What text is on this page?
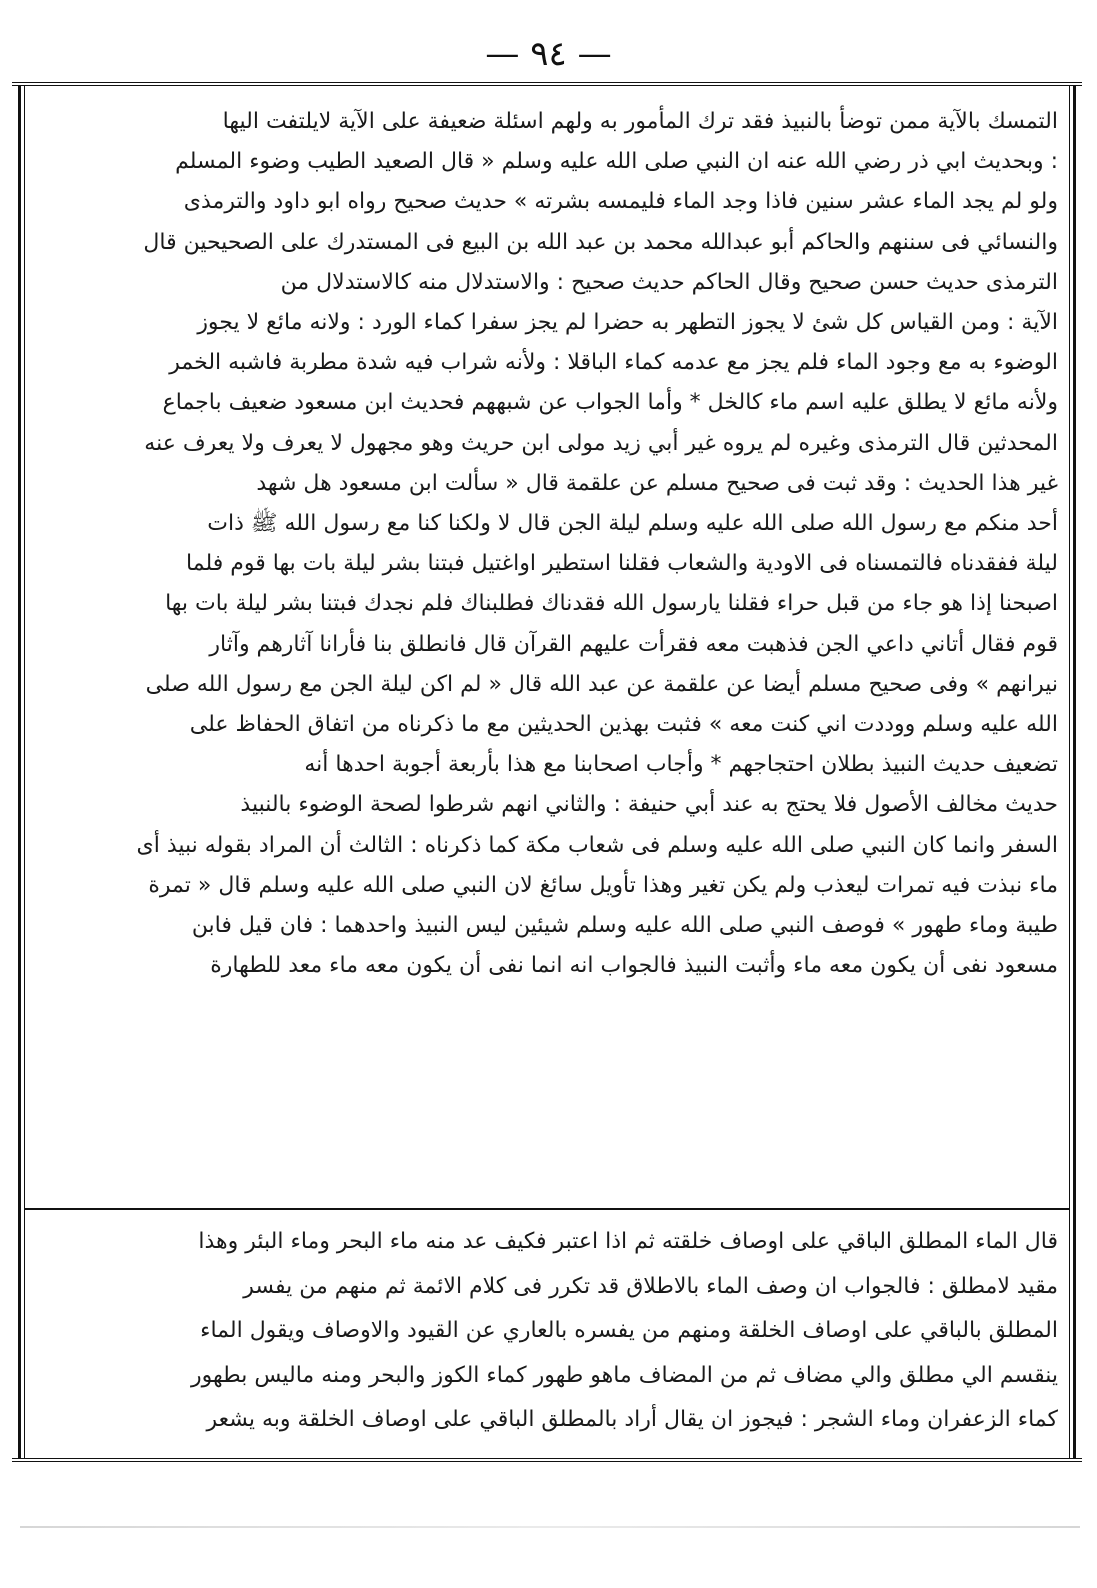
— ٩٤ —
التمسك بالآية ممن توضأ بالنبيذ فقد ترك المأمور به ولهم اسئلة ضعيفة على الآية لايلتفت اليها
: وبحديث ابي ذر رضي الله عنه ان النبي صلى الله عليه وسلم « قال الصعيد الطيب وضوء المسلم
ولو لم يجد الماء عشر سنين فاذا وجد الماء فليمسه بشرته » حديث صحيح رواه ابو داود والترمذى
والنسائي فى سننهم والحاكم أبو عبدالله محمد بن عبد الله بن البيع فى المستدرك على الصحيحين قال
الترمذى حديث حسن صحيح وقال الحاكم حديث صحيح : والاستدلال منه كالاستدلال من
الآية : ومن القياس كل شئ لا يجوز التطهر به حضرا لم يجز سفرا كماء الورد : ولانه مائع لا يجوز
الوضوء به مع وجود الماء فلم يجز مع عدمه كماء الباقلا : ولأنه شراب فيه شدة مطربة فاشبه الخمر
ولأنه مائع لا يطلق عليه اسم ماء كالخل * وأما الجواب عن شبههم فحديث ابن مسعود ضعيف باجماع
المحدثين قال الترمذى وغيره لم يروه غير أبي زيد مولى ابن حريث وهو مجهول لا يعرف ولا يعرف عنه
غير هذا الحديث : وقد ثبت فى صحيح مسلم عن علقمة قال « سألت ابن مسعود هل شهد
أحد منكم مع رسول الله صلى الله عليه وسلم ليلة الجن قال لا ولكنا كنا مع رسول الله ﷺ ذات
ليلة ففقدناه فالتمسناه فى الاودية والشعاب فقلنا استطير اواغتيل فبتنا بشر ليلة بات بها قوم فلما
اصبحنا إذا هو جاء من قبل حراء فقلنا يارسول الله فقدناك فطلبناك فلم نجدك فبتنا بشر ليلة بات بها
قوم فقال أتاني داعي الجن فذهبت معه فقرأت عليهم القرآن قال فانطلق بنا فأرانا آثارهم وآثار
نيرانهم » وفى صحيح مسلم أيضا عن علقمة عن عبد الله قال « لم اكن ليلة الجن مع رسول الله صلى
الله عليه وسلم ووددت اني كنت معه » فثبت بهذين الحديثين مع ما ذكرناه من اتفاق الحفاظ على
تضعيف حديث النبيذ بطلان احتجاجهم * وأجاب اصحابنا مع هذا بأربعة أجوبة احدها أنه
حديث مخالف الأصول فلا يحتج به عند أبي حنيفة : والثاني انهم شرطوا لصحة الوضوء بالنبيذ
السفر وانما كان النبي صلى الله عليه وسلم فى شعاب مكة كما ذكرناه : الثالث أن المراد بقوله نبيذ أى
ماء نبذت فيه تمرات ليعذب ولم يكن تغير وهذا تأويل سائغ لان النبي صلى الله عليه وسلم قال « تمرة
طيبة وماء طهور » فوصف النبي صلى الله عليه وسلم شيئين ليس النبيذ واحدهما : فان قيل فابن
مسعود نفى أن يكون معه ماء وأثبت النبيذ فالجواب انه انما نفى أن يكون معه ماء معد للطهارة
قال الماء المطلق الباقي على اوصاف خلقته ثم اذا اعتبر فكيف عد منه ماء البحر وماء البئر وهذا
مقيد لامطلق : فالجواب ان وصف الماء بالاطلاق قد تكرر فى كلام الائمة ثم منهم من يفسر
المطلق بالباقي على اوصاف الخلقة ومنهم من يفسره بالعاري عن القيود والاوصاف ويقول الماء
ينقسم الي مطلق والي مضاف ثم من المضاف ماهو طهور كماء الكوز والبحر ومنه ماليس بطهور
كماء الزعفران وماء الشجر : فيجوز ان يقال أراد بالمطلق الباقي على اوصاف الخلقة وبه يشعر
